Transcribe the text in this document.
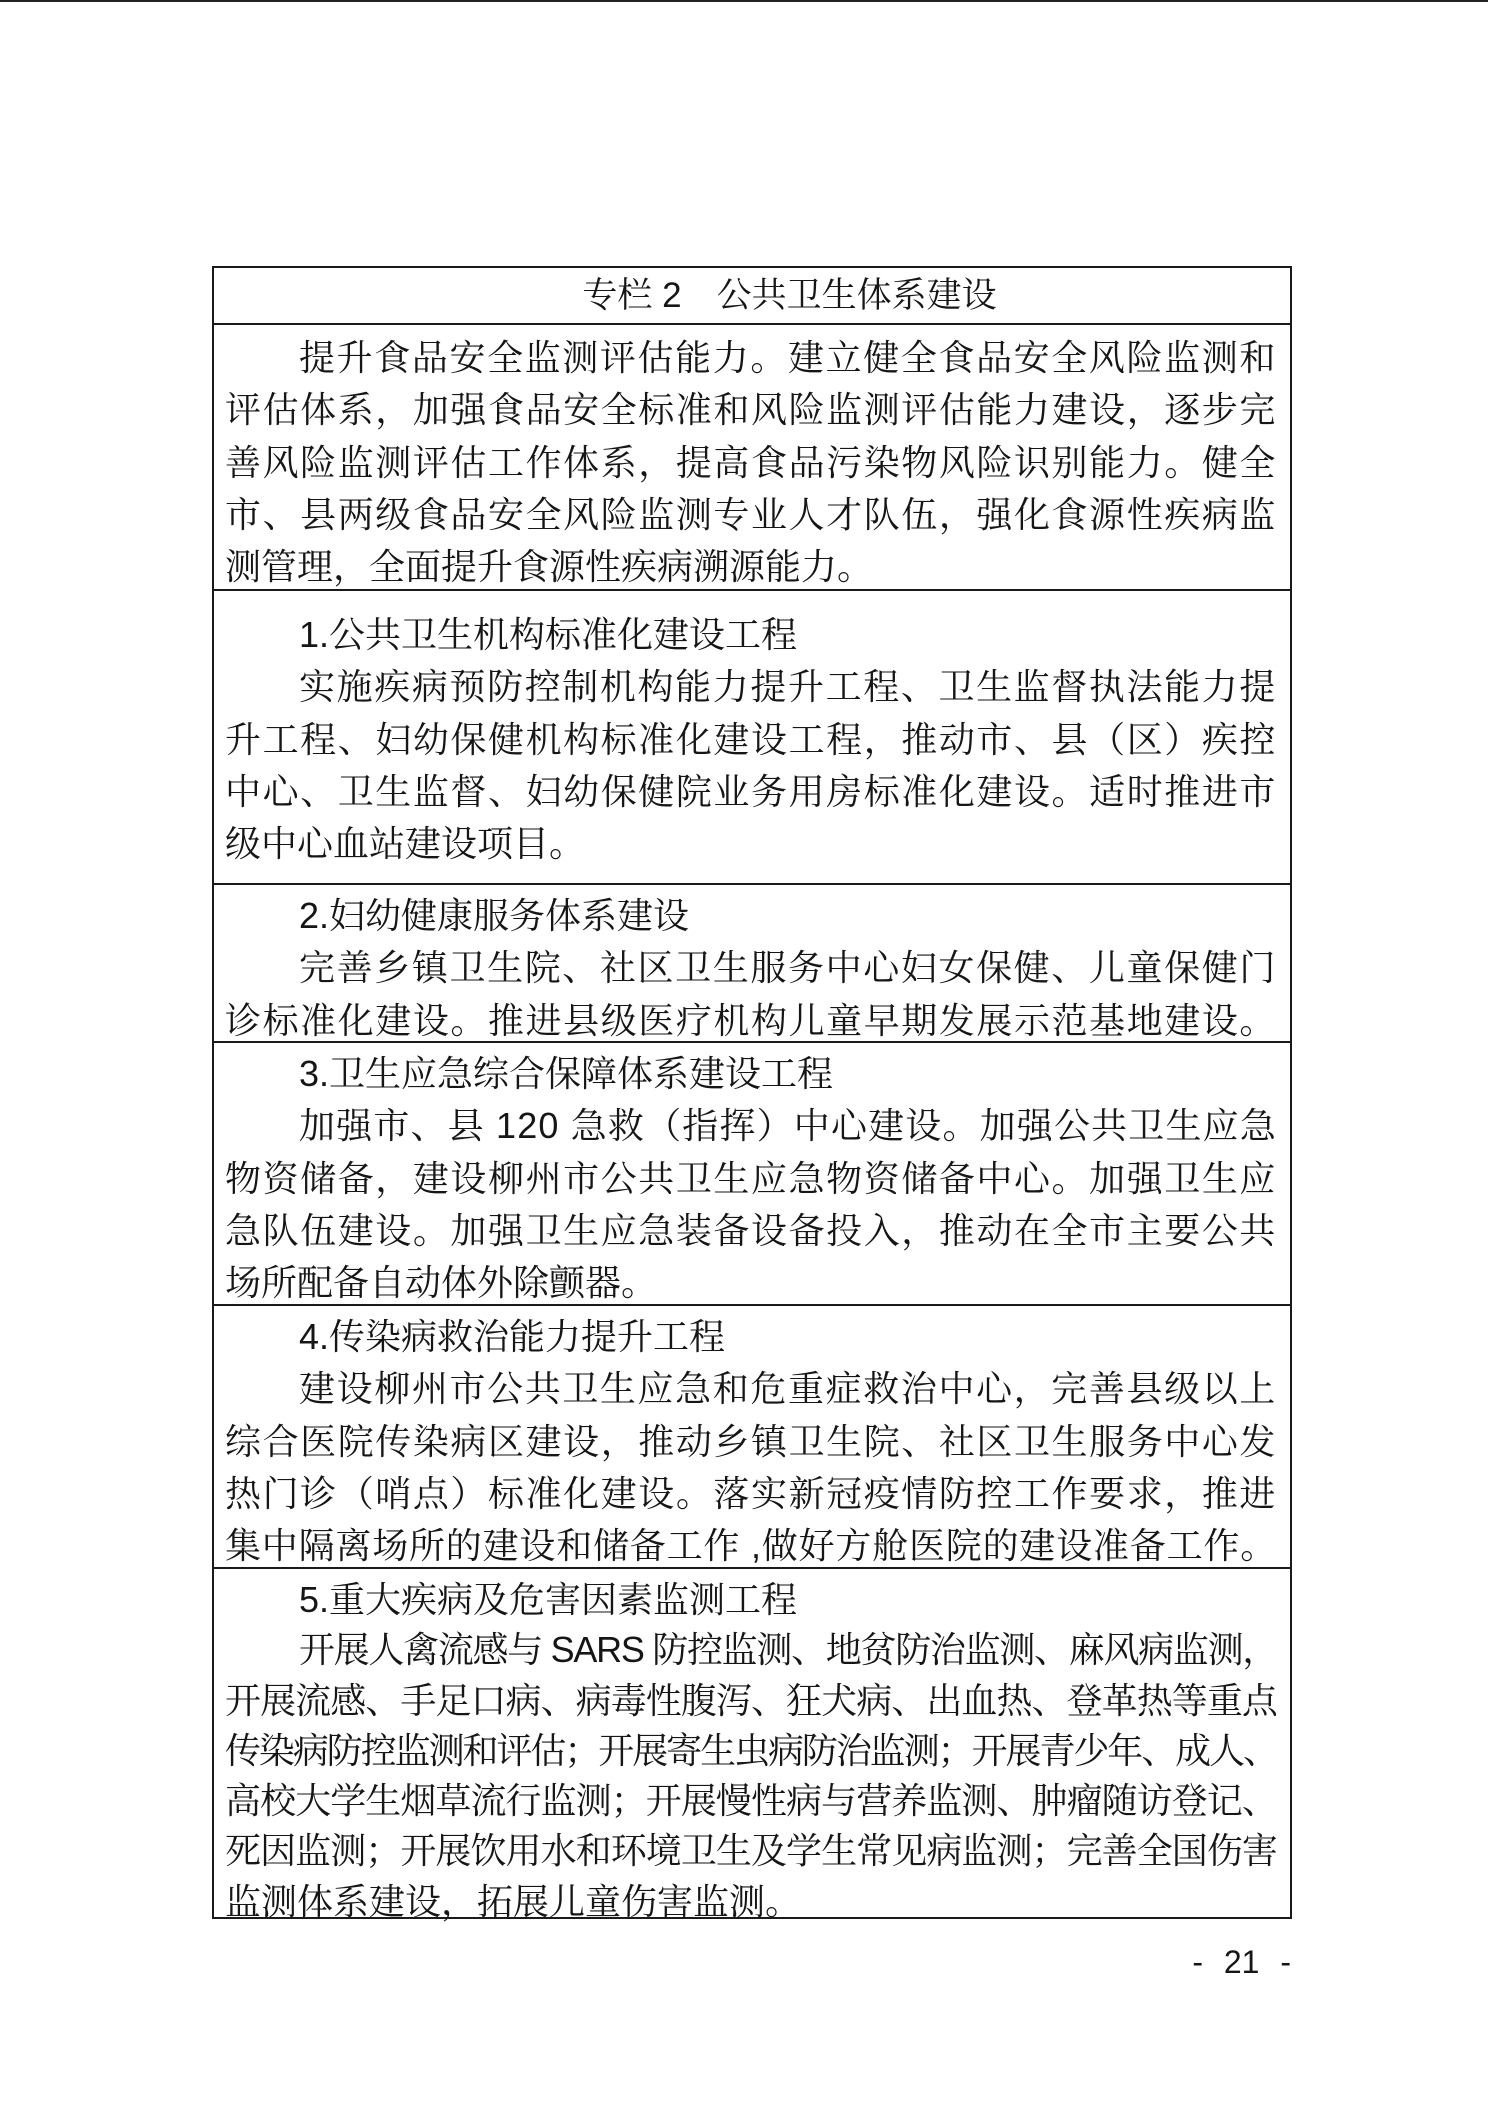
专栏 2　公共卫生体系建设
提升食品安全监测评估能力。建立健全食品安全风险监测和
评估体系，加强食品安全标准和风险监测评估能力建设，逐步完
善风险监测评估工作体系，提高食品污染物风险识别能力。健全
市、县两级食品安全风险监测专业人才队伍，强化食源性疾病监
测管理，全面提升食源性疾病溯源能力。
1.公共卫生机构标准化建设工程
实施疾病预防控制机构能力提升工程、卫生监督执法能力提
升工程、妇幼保健机构标准化建设工程，推动市、县（区）疾控
中心、卫生监督、妇幼保健院业务用房标准化建设。适时推进市
级中心血站建设项目。
2.妇幼健康服务体系建设
完善乡镇卫生院、社区卫生服务中心妇女保健、儿童保健门
诊标准化建设。推进县级医疗机构儿童早期发展示范基地建设。
3.卫生应急综合保障体系建设工程
加强市、县 120 急救（指挥）中心建设。加强公共卫生应急
物资储备，建设柳州市公共卫生应急物资储备中心。加强卫生应
急队伍建设。加强卫生应急装备设备投入，推动在全市主要公共
场所配备自动体外除颤器。
4.传染病救治能力提升工程
建设柳州市公共卫生应急和危重症救治中心，完善县级以上
综合医院传染病区建设，推动乡镇卫生院、社区卫生服务中心发
热门诊（哨点）标准化建设。落实新冠疫情防控工作要求，推进
集中隔离场所的建设和储备工作 ,做好方舱医院的建设准备工作。
5.重大疾病及危害因素监测工程
开展人禽流感与 SARS 防控监测、地贫防治监测、麻风病监测，
开展流感、手足口病、病毒性腹泻、狂犬病、出血热、登革热等重点
传染病防控监测和评估；开展寄生虫病防治监测；开展青少年、成人、
高校大学生烟草流行监测；开展慢性病与营养监测、肿瘤随访登记、
死因监测；开展饮用水和环境卫生及学生常见病监测；完善全国伤害
监测体系建设，拓展儿童伤害监测。
- 21 -
